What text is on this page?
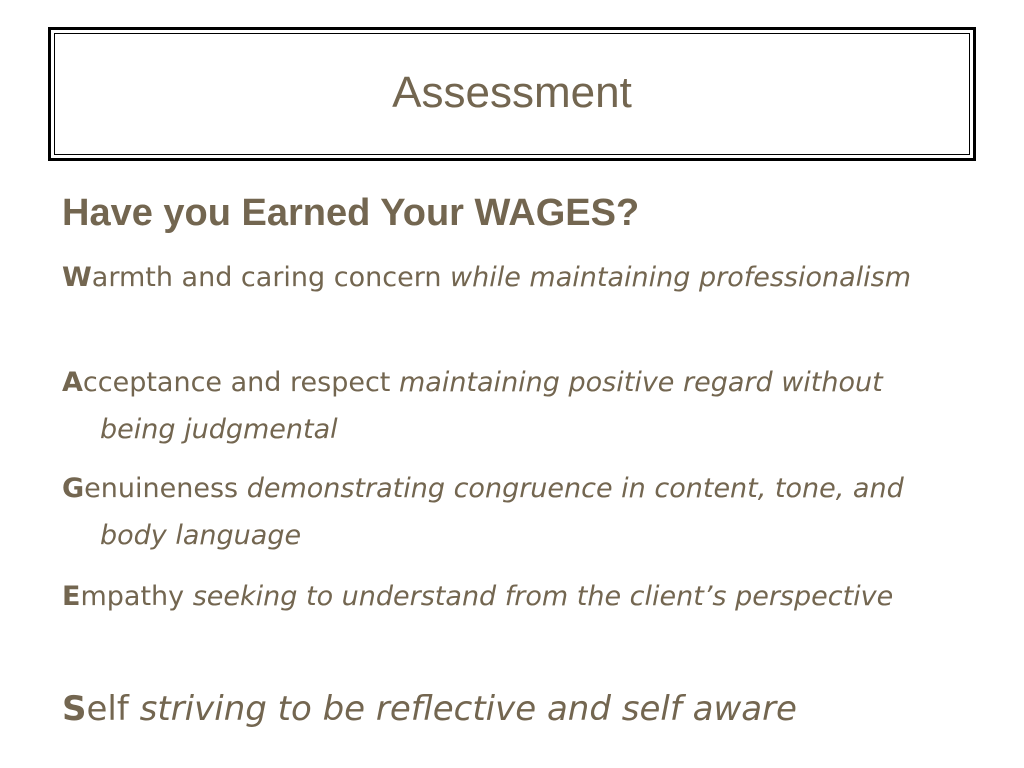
Assessment
Have you Earned Your WAGES?
Warmth and caring concern while maintaining professionalism
Acceptance and respect maintaining positive regard without being judgmental
Genuineness demonstrating congruence in content, tone, and body language
Empathy seeking to understand from the client’s perspective
Self striving to be reflective and self aware
